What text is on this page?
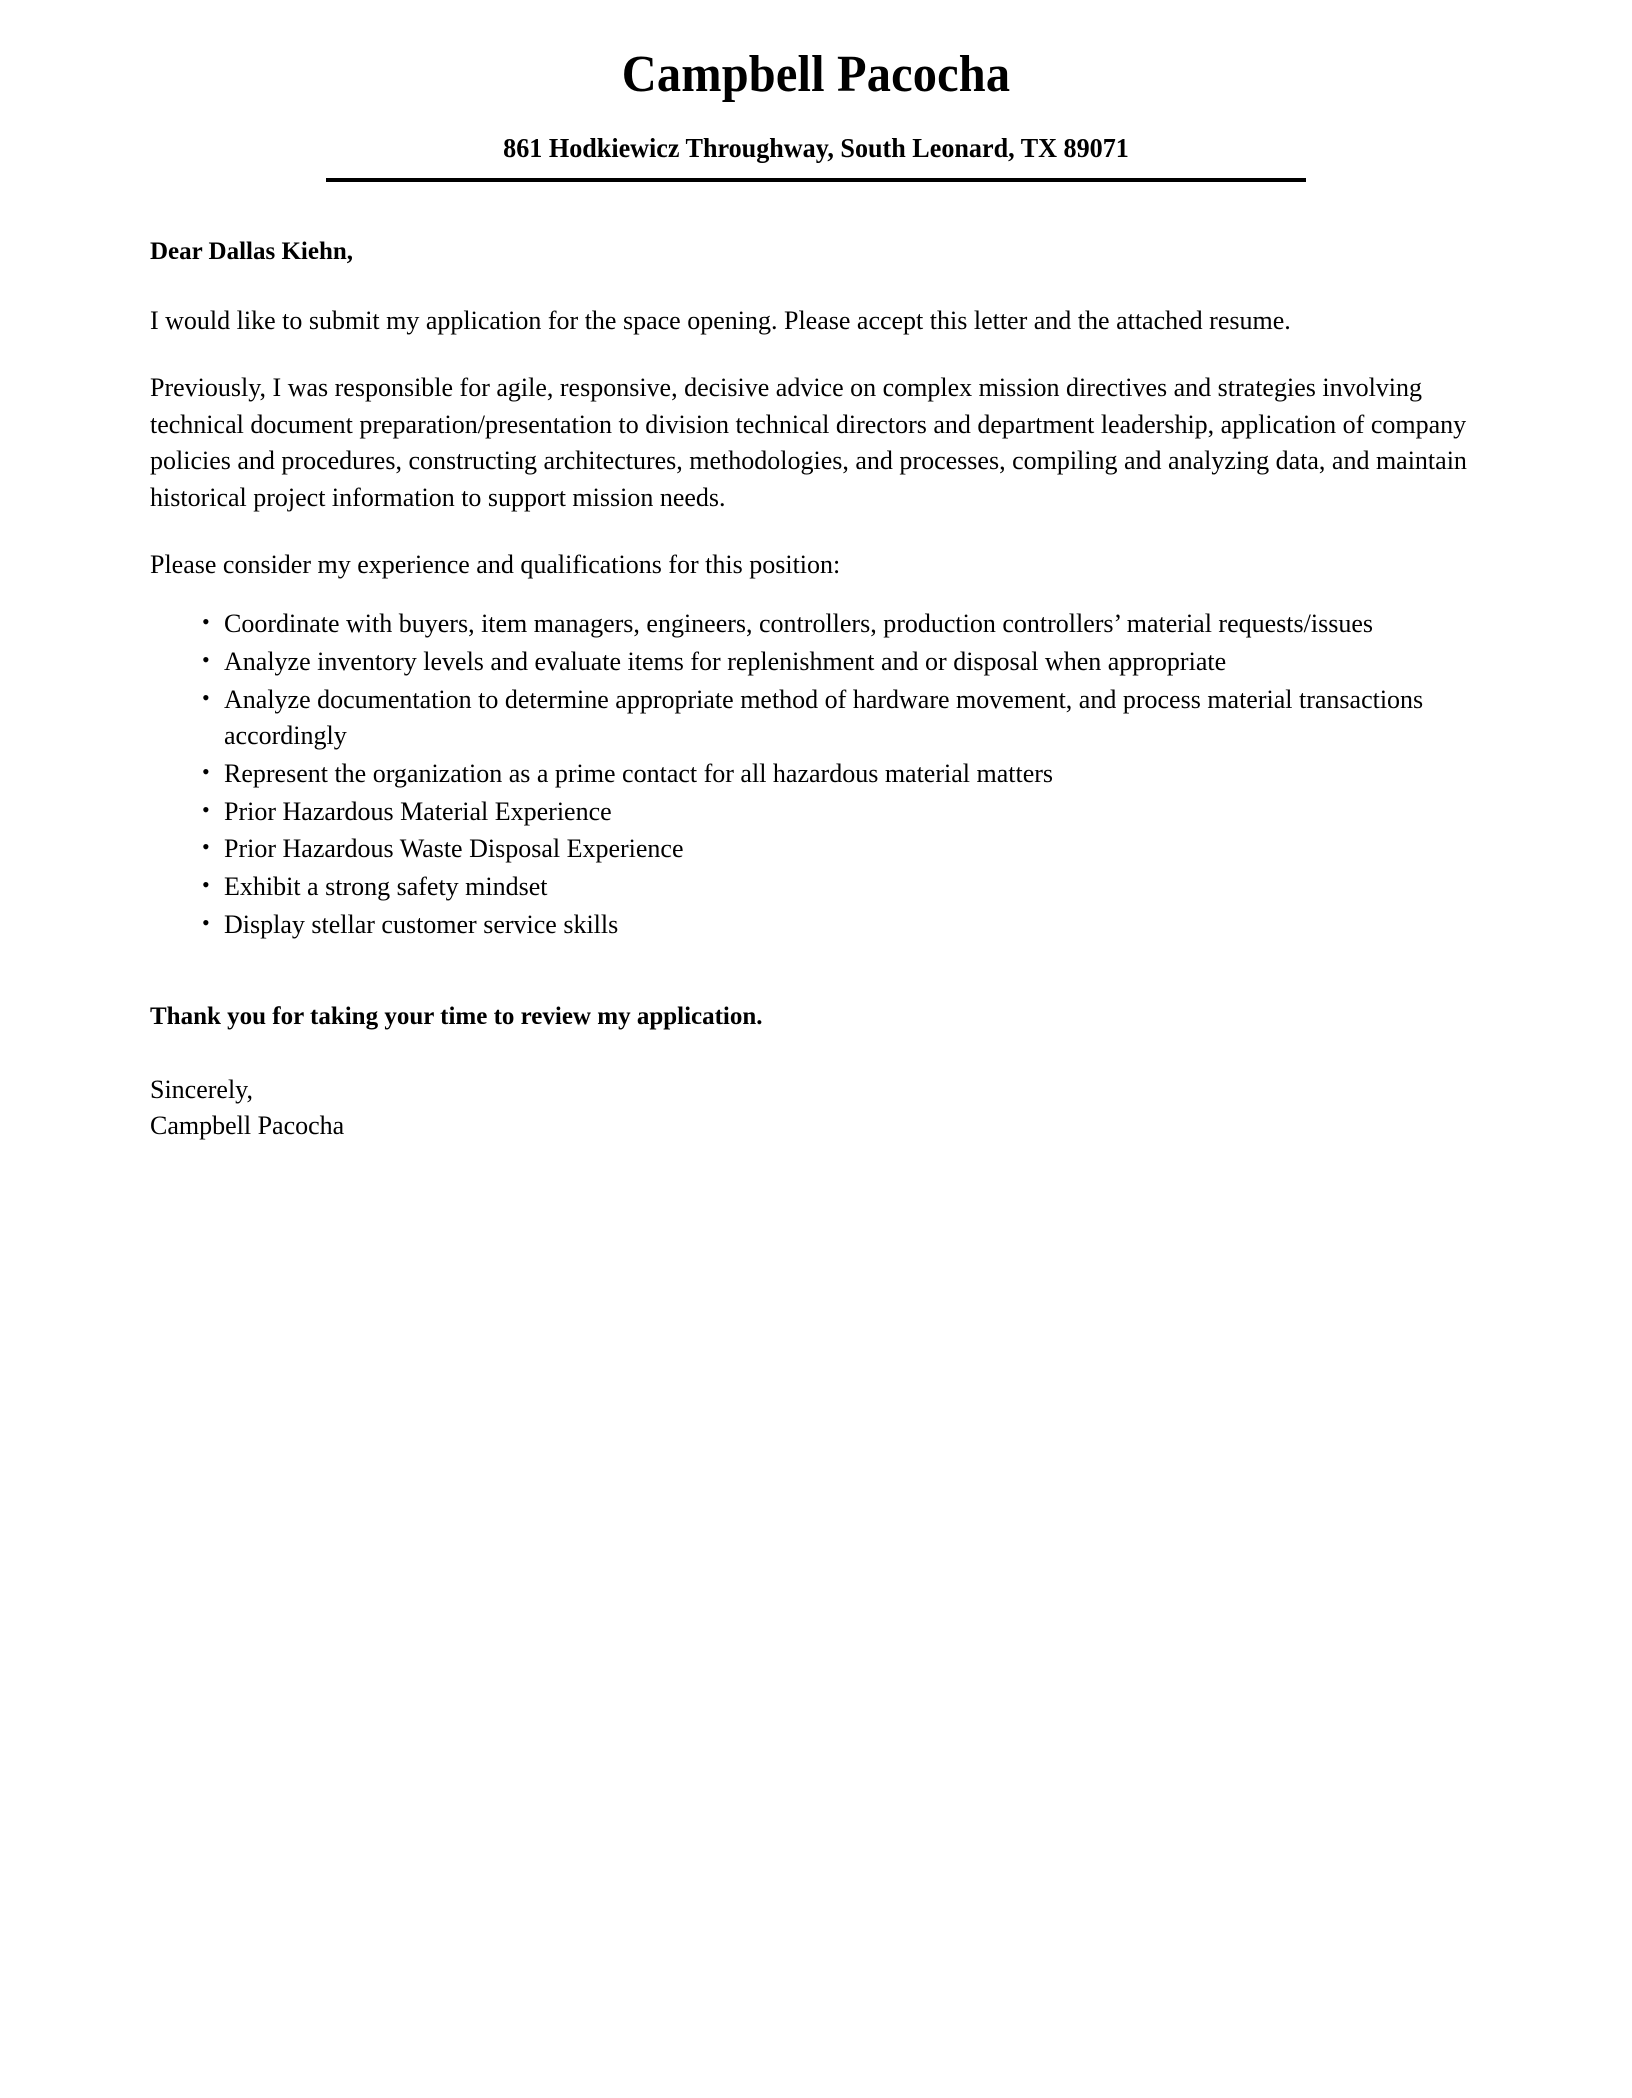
Campbell Pacocha

861 Hodkiewicz Throughway, South Leonard, TX 89071

Dear Dallas Kiehn,

I would like to submit my application for the space opening. Please accept this letter and the attached resume.

Previously, I was responsible for agile, responsive, decisive advice on complex mission directives and strategies involving technical document preparation/presentation to division technical directors and department leadership, application of company policies and procedures, constructing architectures, methodologies, and processes, compiling and analyzing data, and maintain historical project information to support mission needs.

Please consider my experience and qualifications for this position:

• Coordinate with buyers, item managers, engineers, controllers, production controllers’ material requests/issues
• Analyze inventory levels and evaluate items for replenishment and or disposal when appropriate
• Analyze documentation to determine appropriate method of hardware movement, and process material transactions accordingly
• Represent the organization as a prime contact for all hazardous material matters
• Prior Hazardous Material Experience
• Prior Hazardous Waste Disposal Experience
• Exhibit a strong safety mindset
• Display stellar customer service skills

Thank you for taking your time to review my application.

Sincerely,
Campbell Pacocha
